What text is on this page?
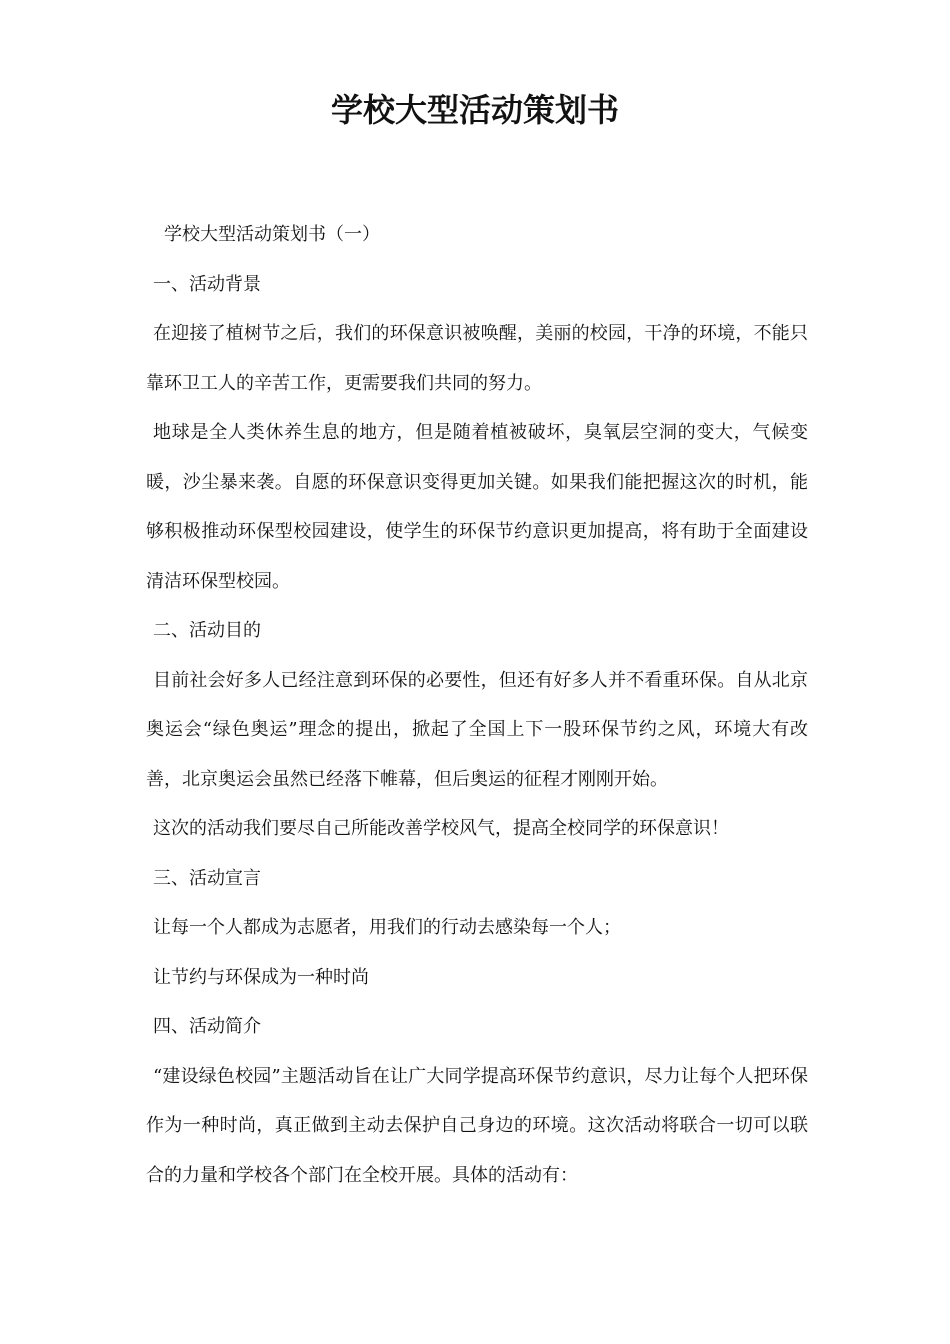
学校大型活动策划书

学校大型活动策划书（一）

一、活动背景

在迎接了植树节之后，我们的环保意识被唤醒，美丽的校园，干净的环境，不能只靠环卫工人的辛苦工作，更需要我们共同的努力。

地球是全人类休养生息的地方，但是随着植被破坏，臭氧层空洞的变大，气候变暖，沙尘暴来袭。自愿的环保意识变得更加关键。如果我们能把握这次的时机，能够积极推动环保型校园建设，使学生的环保节约意识更加提高，将有助于全面建设清洁环保型校园。

二、活动目的

目前社会好多人已经注意到环保的必要性，但还有好多人并不看重环保。自从北京奥运会“绿色奥运”理念的提出，掀起了全国上下一股环保节约之风，环境大有改善，北京奥运会虽然已经落下帷幕，但后奥运的征程才刚刚开始。

这次的活动我们要尽自己所能改善学校风气，提高全校同学的环保意识！

三、活动宣言

让每一个人都成为志愿者，用我们的行动去感染每一个人；

让节约与环保成为一种时尚

四、活动简介

“建设绿色校园”主题活动旨在让广大同学提高环保节约意识，尽力让每个人把环保作为一种时尚，真正做到主动去保护自己身边的环境。这次活动将联合一切可以联合的力量和学校各个部门在全校开展。具体的活动有：
